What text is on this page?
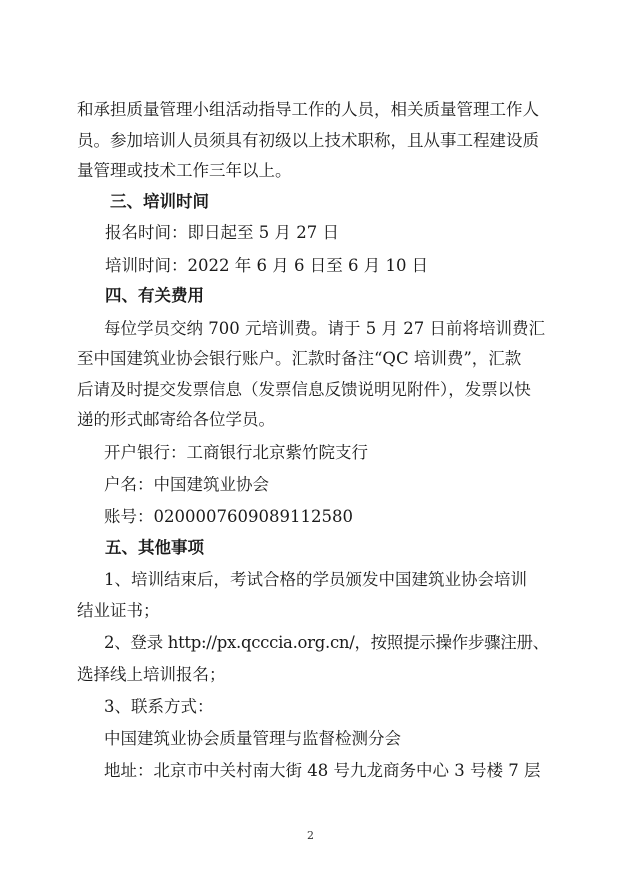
和承担质量管理小组活动指导工作的人员，相关质量管理工作人
员。参加培训人员须具有初级以上技术职称，且从事工程建设质
量管理或技术工作三年以上。
三、培训时间
报名时间：即日起至 5 月 27 日
培训时间：2022 年 6 月 6 日至 6 月 10 日
四、有关费用
每位学员交纳 700 元培训费。请于 5 月 27 日前将培训费汇
至中国建筑业协会银行账户。汇款时备注“QC 培训费”，汇款
后请及时提交发票信息（发票信息反馈说明见附件），发票以快
递的形式邮寄给各位学员。
开户银行：工商银行北京紫竹院支行
户名：中国建筑业协会
账号：0200007609089112580
五、其他事项
1、培训结束后，考试合格的学员颁发中国建筑业协会培训
结业证书；
2、登录 http://px.qcccia.org.cn/，按照提示操作步骤注册、
选择线上培训报名；
3、联系方式：
中国建筑业协会质量管理与监督检测分会
地址：北京市中关村南大街 48 号九龙商务中心 3 号楼 7 层
2
